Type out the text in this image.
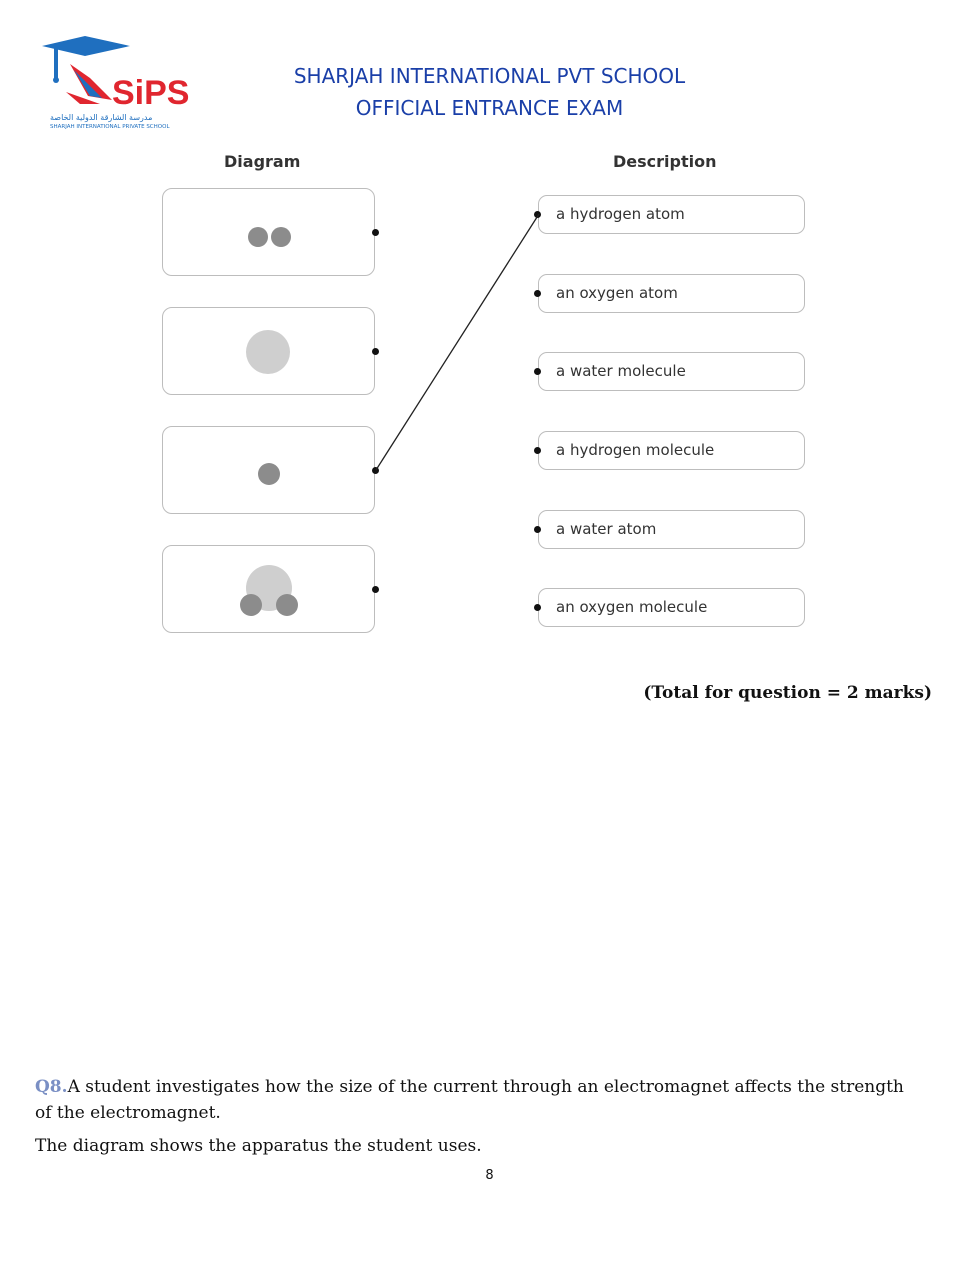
SiPS
مدرسة الشارقة الدولية الخاصة
SHARJAH INTERNATIONAL PRIVATE SCHOOL
SHARJAH INTERNATIONAL PVT SCHOOL
OFFICIAL ENTRANCE EXAM
Diagram	Description
a hydrogen atom
an oxygen atom
a water molecule
a hydrogen molecule
a water atom
an oxygen molecule
(Total for question = 2 marks)
Q8.A student investigates how the size of the current through an electromagnet affects the strength of the electromagnet.
The diagram shows the apparatus the student uses.
8
